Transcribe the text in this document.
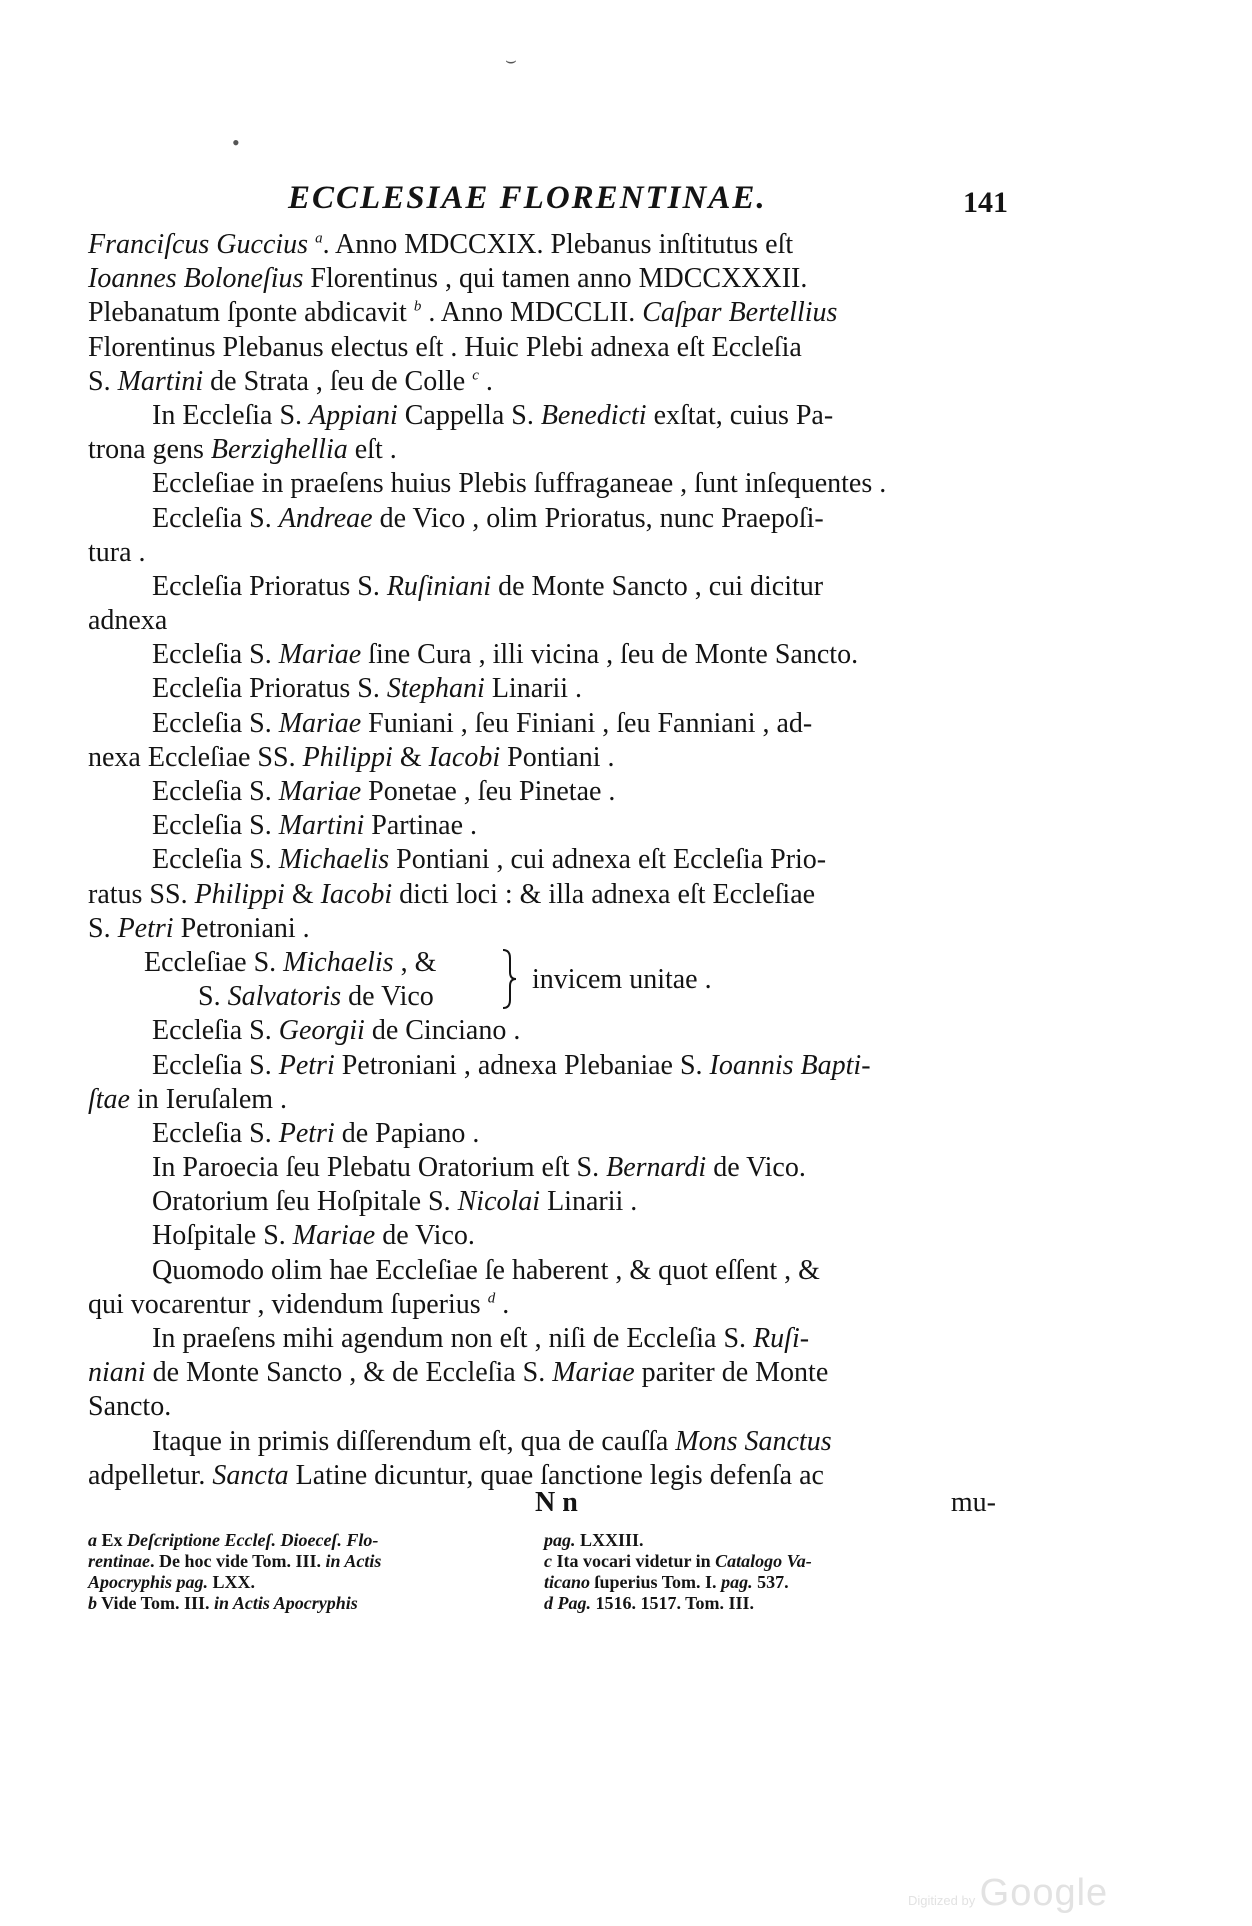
⌣
•
ECCLESIAE FLORENTINAE.	141
Franciſcus Guccius $^a$. Anno MDCCXIX. Plebanus inſtitutus eſt
Ioannes Boloneſius Florentinus , qui tamen anno MDCCXXXII.
Plebanatum ſponte abdicavit $^b$ . Anno MDCCLII. Caſpar Bertellius
Florentinus Plebanus electus eſt . Huic Plebi adnexa eſt Eccleſia
S. Martini de Strata , ſeu de Colle $^c$ .
In Eccleſia S. Appiani Cappella S. Benedicti exſtat, cuius Pa-
trona gens Berzighellia eſt .
Eccleſiae in praeſens huius Plebis ſuffraganeae , ſunt inſequentes .
Eccleſia S. Andreae de Vico , olim Prioratus, nunc Praepoſi-
tura .
Eccleſia Prioratus S. Ruſiniani de Monte Sancto , cui dicitur
adnexa
Eccleſia S. Mariae ſine Cura , illi vicina , ſeu de Monte Sancto.
Eccleſia Prioratus S. Stephani Linarii .
Eccleſia S. Mariae Funiani , ſeu Finiani , ſeu Fanniani , ad-
nexa Eccleſiae SS. Philippi & Iacobi Pontiani .
Eccleſia S. Mariae Ponetae , ſeu Pinetae .
Eccleſia S. Martini Partinae .
Eccleſia S. Michaelis Pontiani , cui adnexa eſt Eccleſia Prio-
ratus SS. Philippi & Iacobi dicti loci : & illa adnexa eſt Eccleſiae
S. Petri Petroniani .
Eccleſiae S. Michaelis , &
S. Salvatoris de Vico
invicem unitae .
Eccleſia S. Georgii de Cinciano .
Eccleſia S. Petri Petroniani , adnexa Plebaniae S. Ioannis Bapti-
ſtae in Ieruſalem .
Eccleſia S. Petri de Papiano .
In Paroecia ſeu Plebatu Oratorium eſt S. Bernardi de Vico.
Oratorium ſeu Hoſpitale S. Nicolai Linarii .
Hoſpitale S. Mariae de Vico.
Quomodo olim hae Eccleſiae ſe haberent , & quot eſſent , &
qui vocarentur , videndum ſuperius $^d$ .
In praeſens mihi agendum non eſt , niſi de Eccleſia S. Ruſi-
niani de Monte Sancto , & de Eccleſia S. Mariae pariter de Monte
Sancto.
Itaque in primis diſſerendum eſt, qua de cauſſa Mons Sanctus
adpelletur. Sancta Latine dicuntur, quae ſanctione legis defenſa ac
N n	mu-
a Ex Deſcriptione Eccleſ. Dioeceſ. Flo-
rentinae. De hoc vide Tom. III. in Actis
Apocryphis pag. LXX.
b Vide Tom. III. in Actis Apocryphis
pag. LXXIII.
c Ita vocari videtur in Catalogo Va-
ticano ſuperius Tom. I. pag. 537.
d Pag. 1516. 1517. Tom. III.
Digitized by Google
